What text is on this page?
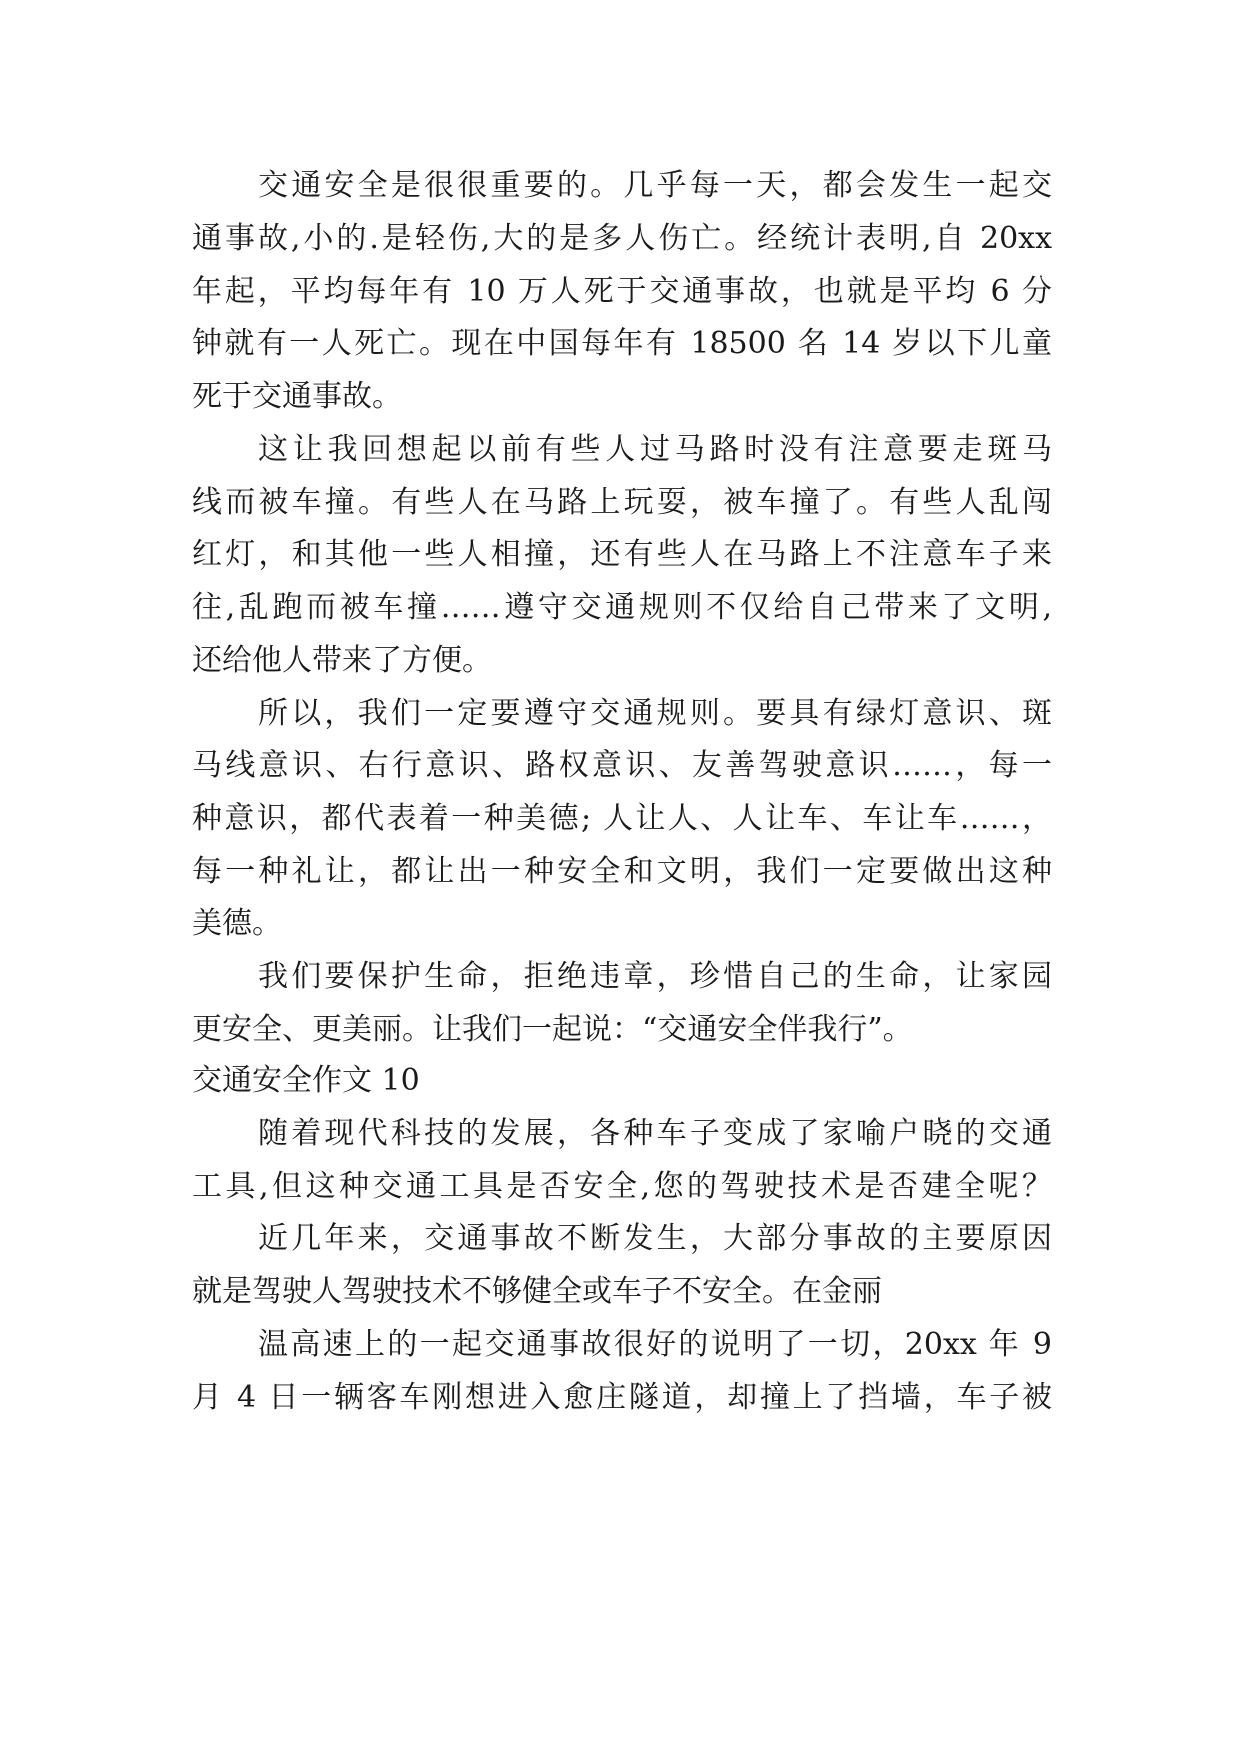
交通安全是很很重要的。几乎每一天，都会发生一起交
通事故,小的.是轻伤,大的是多人伤亡。经统计表明,自 20xx
年起，平均每年有 10 万人死于交通事故，也就是平均 6 分
钟就有一人死亡。现在中国每年有 18500 名 14 岁以下儿童
死于交通事故。
这让我回想起以前有些人过马路时没有注意要走斑马
线而被车撞。有些人在马路上玩耍，被车撞了。有些人乱闯
红灯，和其他一些人相撞，还有些人在马路上不注意车子来
往,乱跑而被车撞……遵守交通规则不仅给自己带来了文明,
还给他人带来了方便。
所以，我们一定要遵守交通规则。要具有绿灯意识、斑
马线意识、右行意识、路权意识、友善驾驶意识……，每一
种意识，都代表着一种美德; 人让人、人让车、车让车……，
每一种礼让，都让出一种安全和文明，我们一定要做出这种
美德。
我们要保护生命，拒绝违章，珍惜自己的生命，让家园
更安全、更美丽。让我们一起说：“交通安全伴我行”。
交通安全作文 10
随着现代科技的发展，各种车子变成了家喻户晓的交通
工具,但这种交通工具是否安全,您的驾驶技术是否建全呢？
近几年来，交通事故不断发生，大部分事故的主要原因
就是驾驶人驾驶技术不够健全或车子不安全。在金丽
温高速上的一起交通事故很好的说明了一切，20xx 年 9
月 4 日一辆客车刚想进入愈庄隧道，却撞上了挡墙，车子被
